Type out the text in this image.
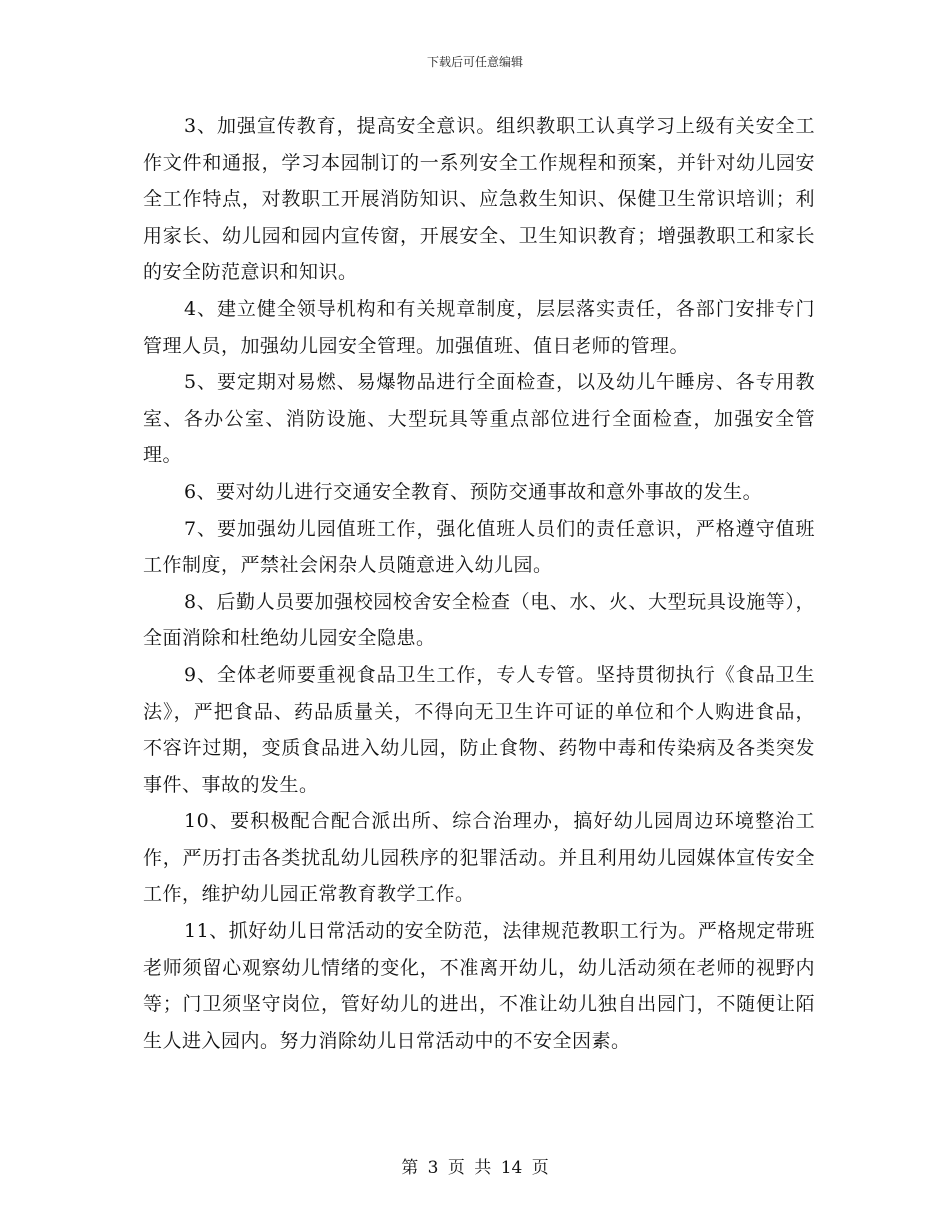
下载后可任意编辑

3、加强宣传教育，提高安全意识。组织教职工认真学习上级有关安全工作文件和通报，学习本园制订的一系列安全工作规程和预案，并针对幼儿园安全工作特点，对教职工开展消防知识、应急救生知识、保健卫生常识培训；利用家长、幼儿园和园内宣传窗，开展安全、卫生知识教育；增强教职工和家长的安全防范意识和知识。

4、建立健全领导机构和有关规章制度，层层落实责任，各部门安排专门管理人员，加强幼儿园安全管理。加强值班、值日老师的管理。

5、要定期对易燃、易爆物品进行全面检查，以及幼儿午睡房、各专用教室、各办公室、消防设施、大型玩具等重点部位进行全面检查，加强安全管理。

6、要对幼儿进行交通安全教育、预防交通事故和意外事故的发生。

7、要加强幼儿园值班工作，强化值班人员们的责任意识，严格遵守值班工作制度，严禁社会闲杂人员随意进入幼儿园。

8、后勤人员要加强校园校舍安全检查（电、水、火、大型玩具设施等），全面消除和杜绝幼儿园安全隐患。

9、全体老师要重视食品卫生工作，专人专管。坚持贯彻执行《食品卫生法》，严把食品、药品质量关，不得向无卫生许可证的单位和个人购进食品，不容许过期，变质食品进入幼儿园，防止食物、药物中毒和传染病及各类突发事件、事故的发生。

10、要积极配合配合派出所、综合治理办，搞好幼儿园周边环境整治工作，严历打击各类扰乱幼儿园秩序的犯罪活动。并且利用幼儿园媒体宣传安全工作，维护幼儿园正常教育教学工作。

11、抓好幼儿日常活动的安全防范，法律规范教职工行为。严格规定带班老师须留心观察幼儿情绪的变化，不准离开幼儿，幼儿活动须在老师的视野内等；门卫须坚守岗位，管好幼儿的进出，不准让幼儿独自出园门，不随便让陌生人进入园内。努力消除幼儿日常活动中的不安全因素。

第 3 页 共 14 页
